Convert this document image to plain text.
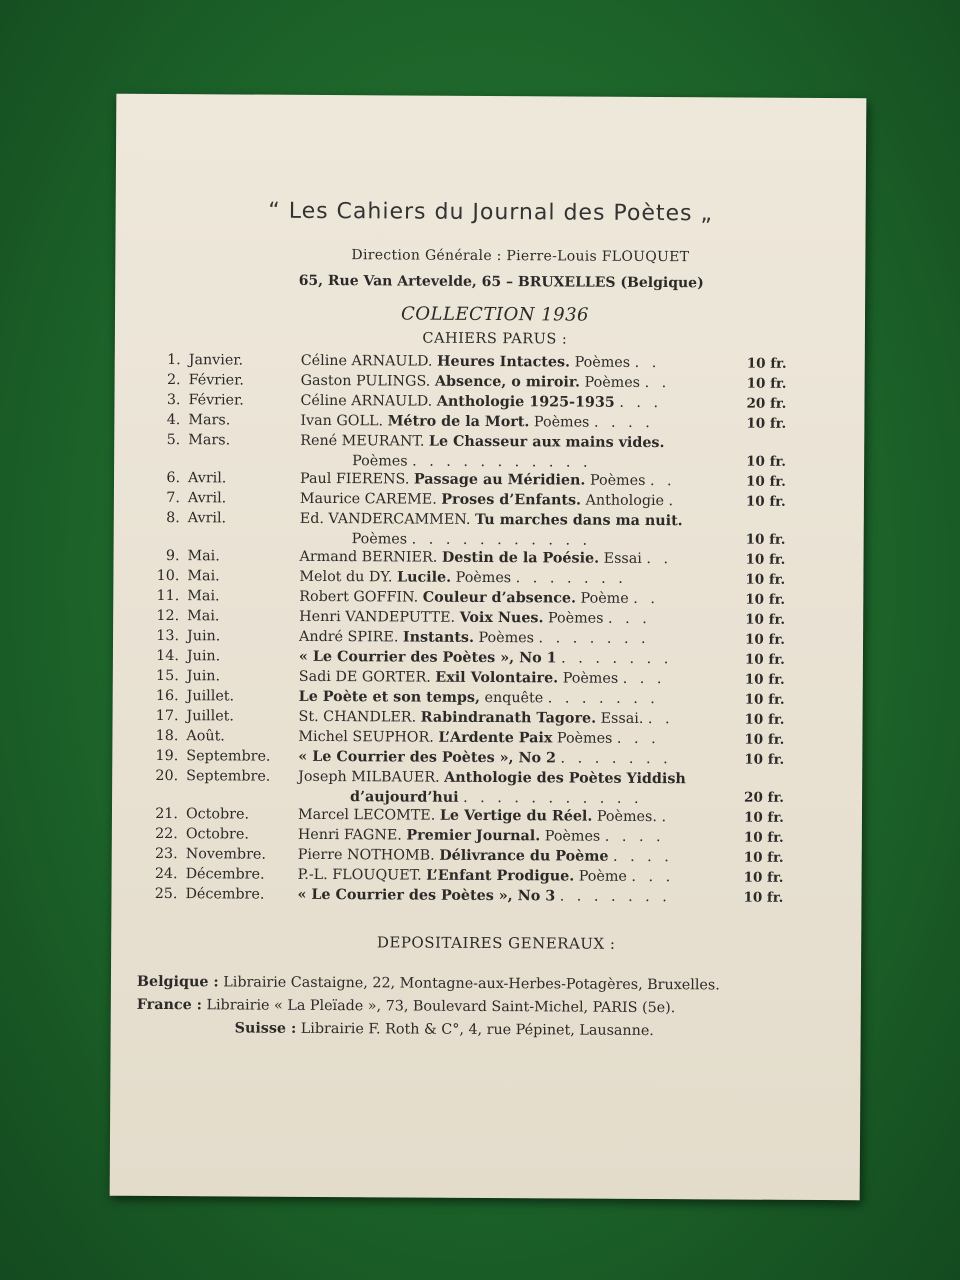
“ Les Cahiers du Journal des Poètes „
Direction Générale : Pierre-Louis FLOUQUET
65, Rue Van Artevelde, 65 – BRUXELLES (Belgique)
COLLECTION 1936
CAHIERS PARUS :
1. Janvier.	Céline ARNAULD. Heures Intactes. Poèmes . .	10 fr.
2. Février.	Gaston PULINGS. Absence, o miroir. Poèmes . .	10 fr.
3. Février.	Céline ARNAULD. Anthologie 1925-1935 . . .	20 fr.
4. Mars.	Ivan GOLL. Métro de la Mort. Poèmes . . . .	10 fr.
5. Mars.	René MEURANT. Le Chasseur aux mains vides.
Poèmes . . . . . . . . . . .	10 fr.
6. Avril.	Paul FIERENS. Passage au Méridien. Poèmes . .	10 fr.
7. Avril.	Maurice CAREME. Proses d’Enfants. Anthologie .	10 fr.
8. Avril.	Ed. VANDERCAMMEN. Tu marches dans ma nuit.
Poèmes . . . . . . . . . . .	10 fr.
9. Mai.	Armand BERNIER. Destin de la Poésie. Essai . .	10 fr.
10. Mai.	Melot du DY. Lucile. Poèmes . . . . . . .	10 fr.
11. Mai.	Robert GOFFIN. Couleur d’absence. Poème . .	10 fr.
12. Mai.	Henri VANDEPUTTE. Voix Nues. Poèmes . . .	10 fr.
13. Juin.	André SPIRE. Instants. Poèmes . . . . . . .	10 fr.
14. Juin.	« Le Courrier des Poètes », No 1 . . . . . . .	10 fr.
15. Juin.	Sadi DE GORTER. Exil Volontaire. Poèmes . . .	10 fr.
16. Juillet.	Le Poète et son temps, enquête . . . . . . .	10 fr.
17. Juillet.	St. CHANDLER. Rabindranath Tagore. Essai. . .	10 fr.
18. Août.	Michel SEUPHOR. L’Ardente Paix Poèmes . . .	10 fr.
19. Septembre. « Le Courrier des Poètes », No 2 . . . . . . .	10 fr.
20. Septembre. Joseph MILBAUER. Anthologie des Poètes Yiddish
d’aujourd’hui . . . . . . . . . . .	20 fr.
21. Octobre.	Marcel LECOMTE. Le Vertige du Réel. Poèmes. .	10 fr.
22. Octobre.	Henri FAGNE. Premier Journal. Poèmes . . . .	10 fr.
23. Novembre. Pierre NOTHOMB. Délivrance du Poème . . . .	10 fr.
24. Décembre. P.-L. FLOUQUET. L’Enfant Prodigue. Poème . . .	10 fr.
25. Décembre. « Le Courrier des Poètes », No 3 . . . . . . .	10 fr.
DEPOSITAIRES GENERAUX :
Belgique : Librairie Castaigne, 22, Montagne-aux-Herbes-Potagères, Bruxelles.
France : Librairie « La Pleïade », 73, Boulevard Saint-Michel, PARIS (5e).
Suisse : Librairie F. Roth & C°, 4, rue Pépinet, Lausanne.
